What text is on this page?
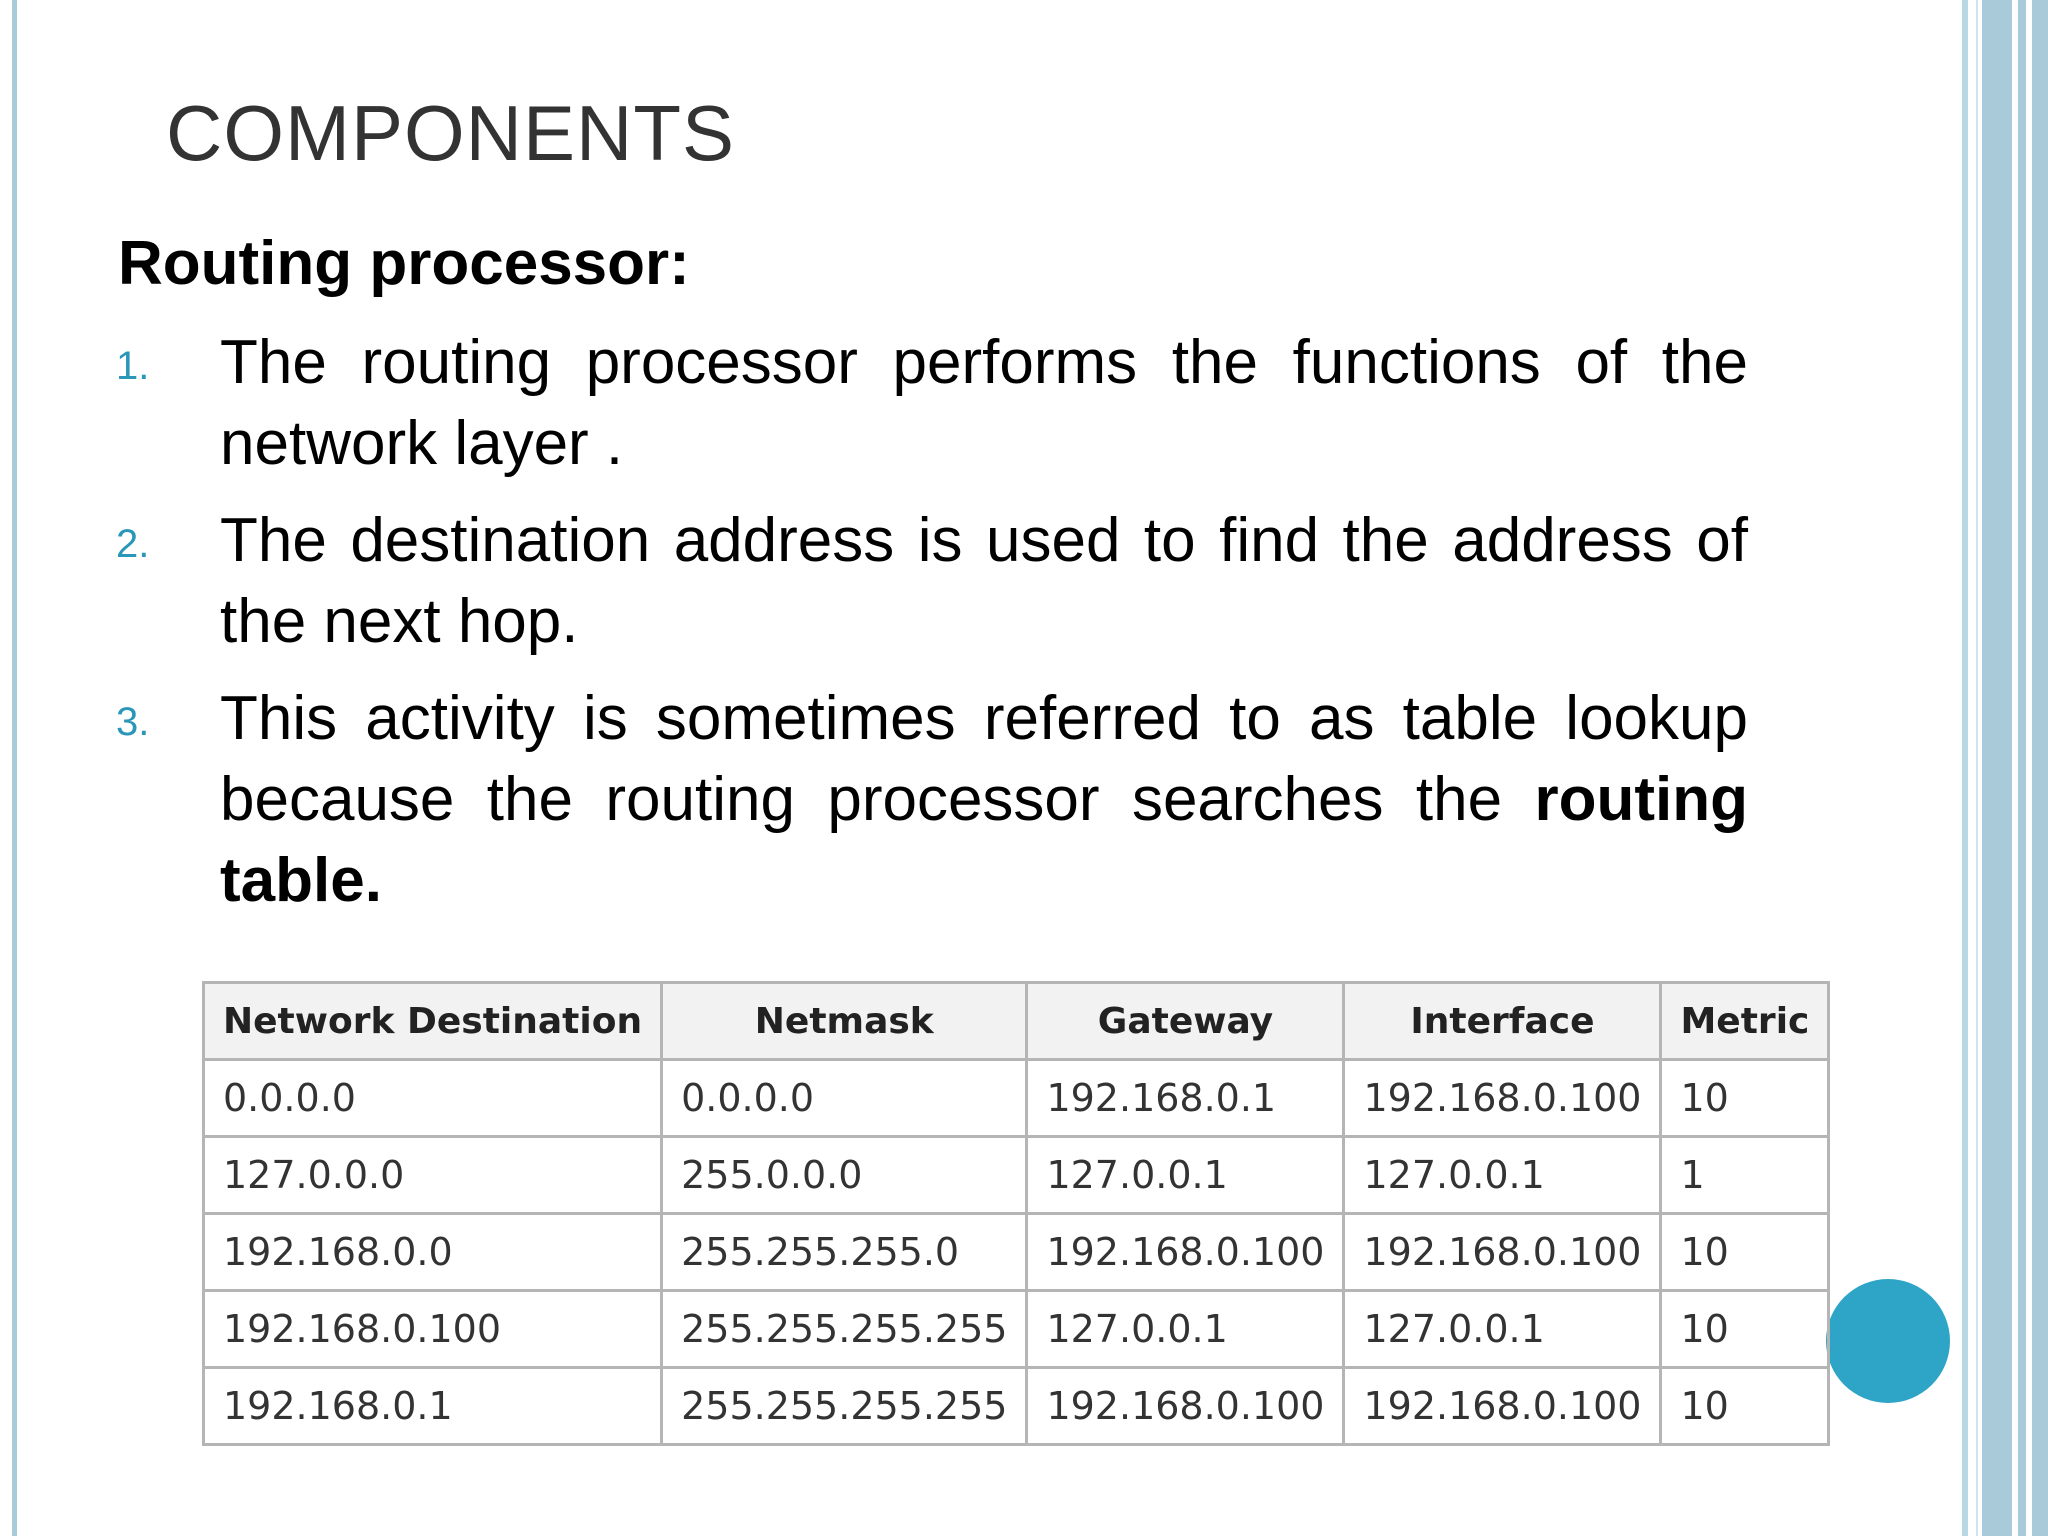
COMPONENTS
Routing processor:
1. The routing processor performs the functions of the network layer .
2. The destination address is used to find the address of the next hop.
3. This activity is sometimes referred to as table lookup because the routing processor searches the routing table.
Network Destination	Netmask	Gateway	Interface	Metric
0.0.0.0	0.0.0.0	192.168.0.1	192.168.0.100	10
127.0.0.0	255.0.0.0	127.0.0.1	127.0.0.1	1
192.168.0.0	255.255.255.0	192.168.0.100	192.168.0.100	10
192.168.0.100	255.255.255.255	127.0.0.1	127.0.0.1	10
192.168.0.1	255.255.255.255	192.168.0.100	192.168.0.100	10
